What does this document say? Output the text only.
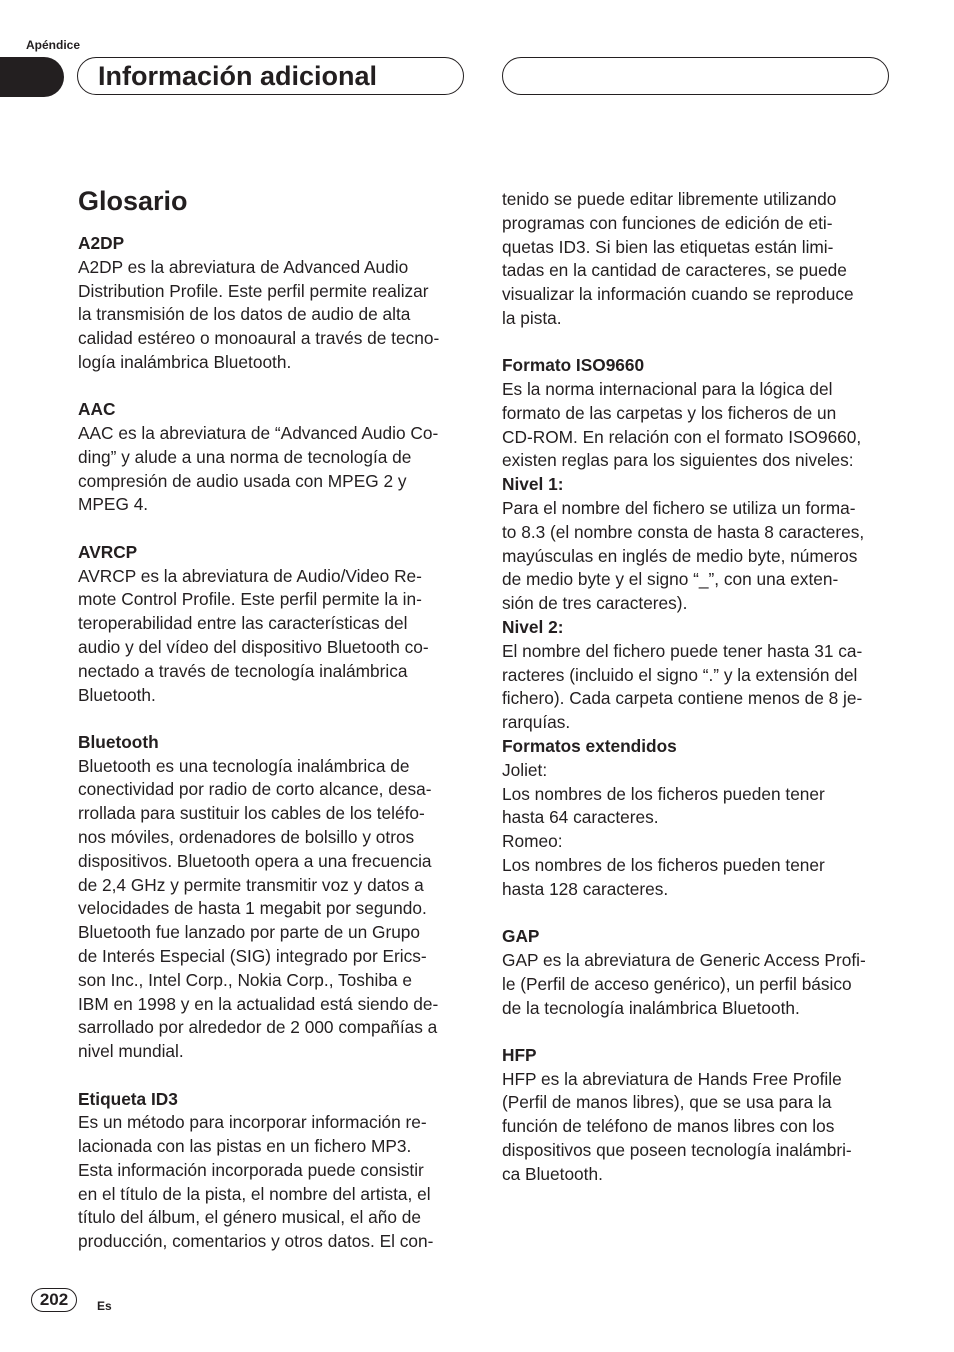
Apéndice
Información adicional
Glosario

A2DP

A2DP es la abreviatura de Advanced Audio

Distribution Profile. Este perfil permite realizar

la transmisión de los datos de audio de alta

calidad estéreo o monoaural a través de tecno-

logía inalámbrica Bluetooth.

AAC

AAC es la abreviatura de “Advanced Audio Co-

ding” y alude a una norma de tecnología de

compresión de audio usada con MPEG 2 y

MPEG 4.

AVRCP

AVRCP es la abreviatura de Audio/Video Re-

mote Control Profile. Este perfil permite la in-

teroperabilidad entre las características del

audio y del vídeo del dispositivo Bluetooth co-

nectado a través de tecnología inalámbrica

Bluetooth.

Bluetooth

Bluetooth es una tecnología inalámbrica de

conectividad por radio de corto alcance, desa-

rrollada para sustituir los cables de los teléfo-

nos móviles, ordenadores de bolsillo y otros

dispositivos. Bluetooth opera a una frecuencia

de 2,4 GHz y permite transmitir voz y datos a

velocidades de hasta 1 megabit por segundo.

Bluetooth fue lanzado por parte de un Grupo

de Interés Especial (SIG) integrado por Erics-

son Inc., Intel Corp., Nokia Corp., Toshiba e

IBM en 1998 y en la actualidad está siendo de-

sarrollado por alrededor de 2 000 compañías a

nivel mundial.

Etiqueta ID3

Es un método para incorporar información re-

lacionada con las pistas en un fichero MP3.

Esta información incorporada puede consistir

en el título de la pista, el nombre del artista, el

título del álbum, el género musical, el año de

producción, comentarios y otros datos. El con-

tenido se puede editar libremente utilizando

programas con funciones de edición de eti-

quetas ID3. Si bien las etiquetas están limi-

tadas en la cantidad de caracteres, se puede

visualizar la información cuando se reproduce

la pista.

Formato ISO9660

Es la norma internacional para la lógica del

formato de las carpetas y los ficheros de un

CD-ROM. En relación con el formato ISO9660,

existen reglas para los siguientes dos niveles:

Nivel 1:

Para el nombre del fichero se utiliza un forma-

to 8.3 (el nombre consta de hasta 8 caracteres,

mayúsculas en inglés de medio byte, números

de medio byte y el signo “_”, con una exten-

sión de tres caracteres).

Nivel 2:

El nombre del fichero puede tener hasta 31 ca-

racteres (incluido el signo “.” y la extensión del

fichero). Cada carpeta contiene menos de 8 je-

rarquías.

Formatos extendidos

Joliet:

Los nombres de los ficheros pueden tener

hasta 64 caracteres.

Romeo:

Los nombres de los ficheros pueden tener

hasta 128 caracteres.

GAP

GAP es la abreviatura de Generic Access Profi-

le (Perfil de acceso genérico), un perfil básico

de la tecnología inalámbrica Bluetooth.

HFP

HFP es la abreviatura de Hands Free Profile

(Perfil de manos libres), que se usa para la

función de teléfono de manos libres con los

dispositivos que poseen tecnología inalámbri-

ca Bluetooth.

202	Es
